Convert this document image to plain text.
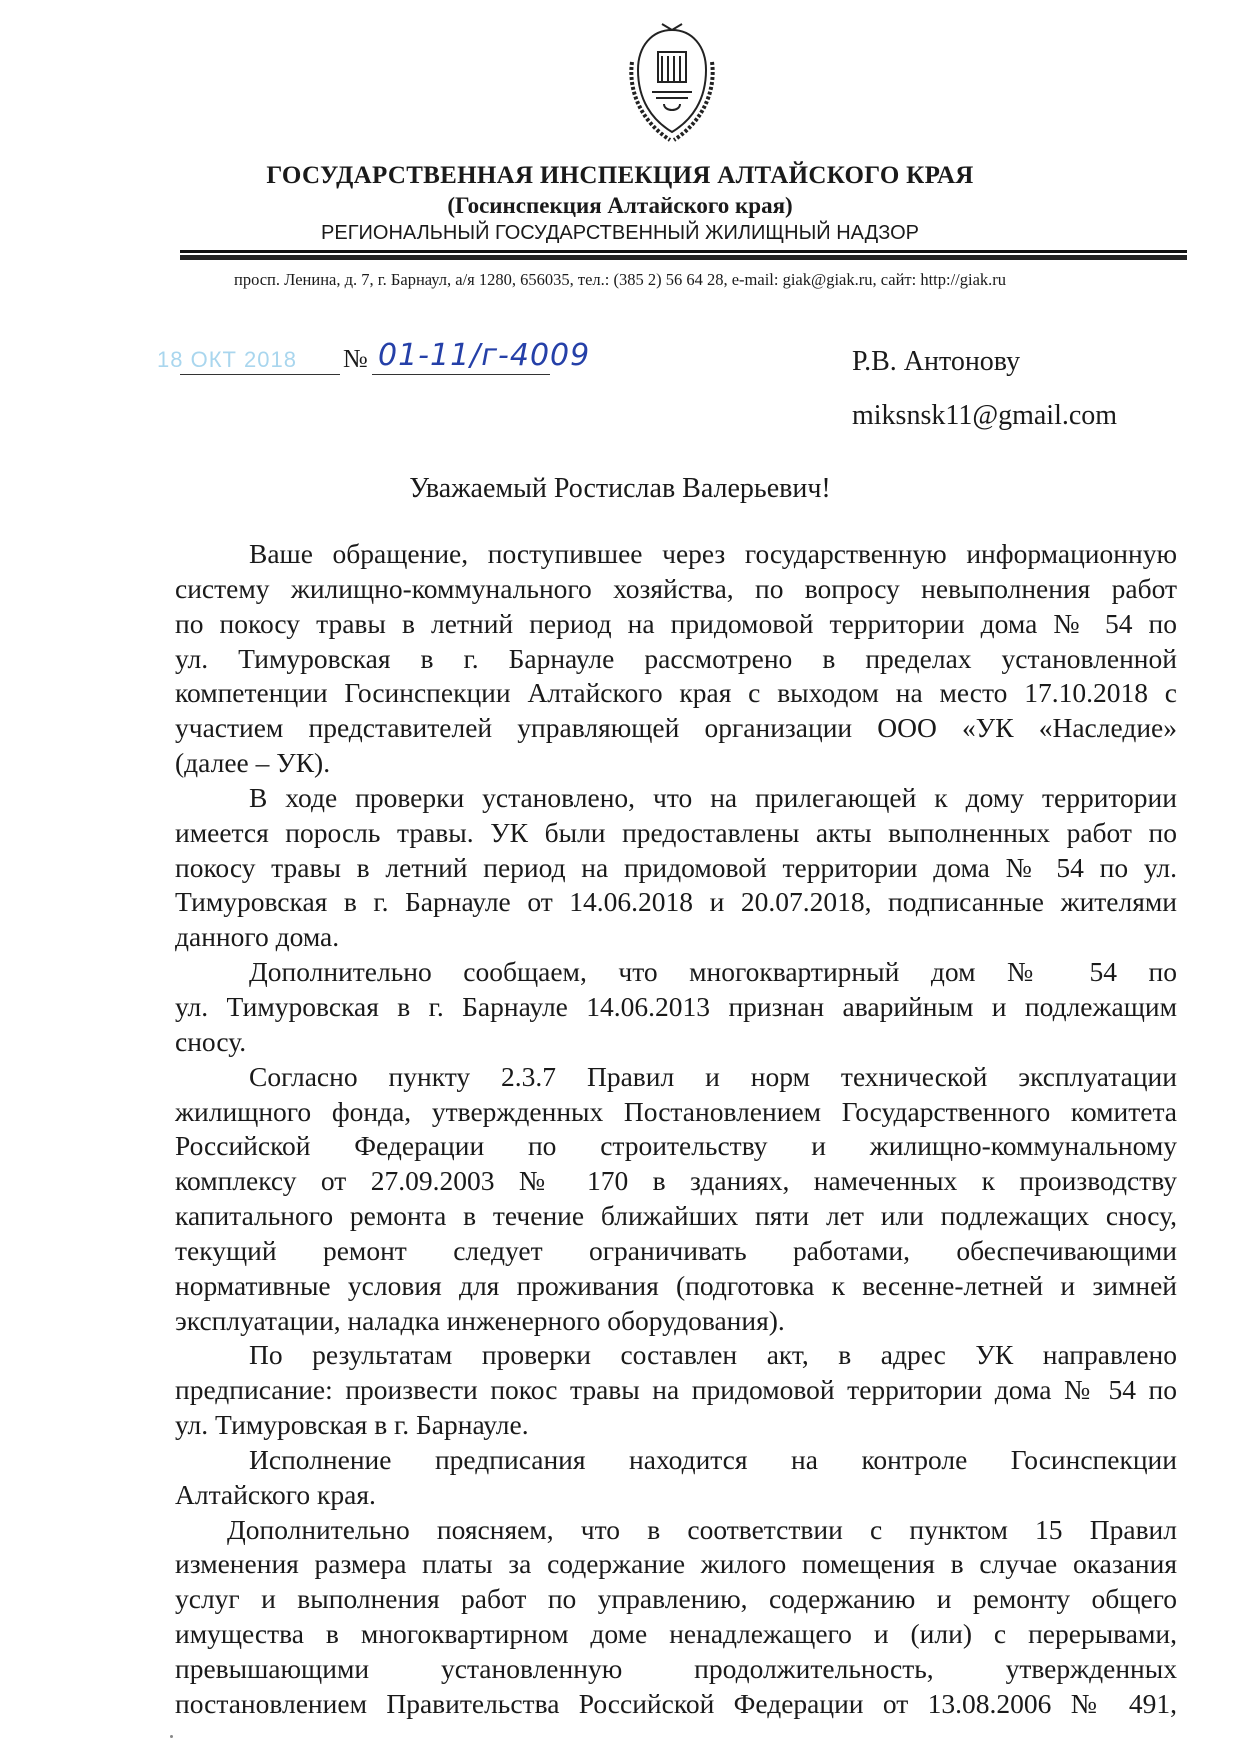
ГОСУДАРСТВЕННАЯ ИНСПЕКЦИЯ АЛТАЙСКОГО КРАЯ
(Госинспекция Алтайского края)
РЕГИОНАЛЬНЫЙ ГОСУДАРСТВЕННЫЙ ЖИЛИЩНЫЙ НАДЗОР
просп. Ленина, д. 7, г. Барнаул, а/я 1280, 656035, тел.: (385 2) 56 64 28, e-mail: giak@giak.ru, сайт: http://giak.ru
18 ОКТ 2018 № 01-11/г-4009	Р.В. Антонову
miksnsk11@gmail.com
Уважаемый Ростислав Валерьевич!
Ваше обращение, поступившее через государственную информационную
систему жилищно-коммунального хозяйства, по вопросу невыполнения работ
по покосу травы в летний период на придомовой территории дома № 54 по
ул. Тимуровская в г. Барнауле рассмотрено в пределах установленной
компетенции Госинспекции Алтайского края с выходом на место 17.10.2018 с
участием представителей управляющей организации ООО «УК «Наследие»
(далее – УК).
В ходе проверки установлено, что на прилегающей к дому территории
имеется поросль травы. УК были предоставлены акты выполненных работ по
покосу травы в летний период на придомовой территории дома № 54 по ул.
Тимуровская в г. Барнауле от 14.06.2018 и 20.07.2018, подписанные жителями
данного дома.
Дополнительно сообщаем, что многоквартирный дом № 54 по
ул. Тимуровская в г. Барнауле 14.06.2013 признан аварийным и подлежащим
сносу.
Согласно пункту 2.3.7 Правил и норм технической эксплуатации
жилищного фонда, утвержденных Постановлением Государственного комитета
Российской Федерации по строительству и жилищно-коммунальному
комплексу от 27.09.2003 № 170 в зданиях, намеченных к производству
капитального ремонта в течение ближайших пяти лет или подлежащих сносу,
текущий ремонт следует ограничивать работами, обеспечивающими
нормативные условия для проживания (подготовка к весенне-летней и зимней
эксплуатации, наладка инженерного оборудования).
По результатам проверки составлен акт, в адрес УК направлено
предписание: произвести покос травы на придомовой территории дома № 54 по
ул. Тимуровская в г. Барнауле.
Исполнение предписания находится на контроле Госинспекции
Алтайского края.
Дополнительно поясняем, что в соответствии с пунктом 15 Правил
изменения размера платы за содержание жилого помещения в случае оказания
услуг и выполнения работ по управлению, содержанию и ремонту общего
имущества в многоквартирном доме ненадлежащего и (или) с перерывами,
превышающими установленную продолжительность, утвержденных
постановлением Правительства Российской Федерации от 13.08.2006 № 491,
